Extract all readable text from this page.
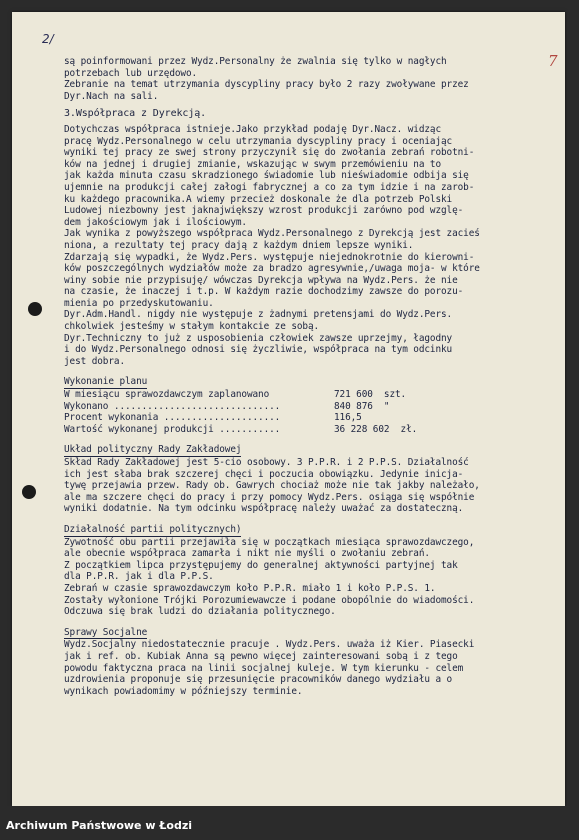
2/
7

są poinformowani przez Wydz.Personalny że zwalnia się tylko w nagłych

potrzebach lub urzędowo.

Zebranie na temat utrzymania dyscypliny pracy było 2 razy zwoływane przez

Dyr.Nach na sali.

3.Współpraca z Dyrekcją.

Dotychczas współpraca istnieje.Jako przykład podaję Dyr.Nacz. widząc
pracę Wydz.Personalnego w celu utrzymania dyscypliny pracy i oceniając
wyniki tej pracy ze swej strony przyczynił się do zwołania zebrań robotni-
ków na jednej i drugiej zmianie, wskazując w swym przemówieniu na to
jak każda minuta czasu skradzionego świadomie lub nieświadomie odbija się
ujemnie na produkcji całej załogi fabrycznej a co za tym idzie i na zarob-
ku każdego pracownika.A wiemy przecież doskonale że dla potrzeb Polski
Ludowej niezbowny jest jaknajwiększy wzrost produkcji zarówno pod wzglę-
dem jakościowym jak i ilościowym.

Jak wynika z powyższego współpraca Wydz.Personalnego z Dyrekcją jest zacieś
niona, a rezultaty tej pracy dają z każdym dniem lepsze wyniki.

Zdarzają się wypadki, że Wydz.Pers. występuje niejednokrotnie do kierowni-
ków poszczególnych wydziałów może za bradzo agresywnie,/uwaga moja- w które
winy sobie nie przypisuję/ wówczas Dyrekcja wpływa na Wydz.Pers. że nie
na czasie, że inaczej i t.p. W każdym razie dochodzimy zawsze do porozu-
mienia po przedyskutowaniu.

Dyr.Adm.Handl. nigdy nie występuje z żadnymi pretensjami do Wydz.Pers.
chkolwiek jesteśmy w stałym kontakcie ze sobą.

Dyr.Techniczny to już z usposobienia człowiek zawsze uprzejmy, łagodny
i do Wydz.Personalnego odnosi się życzliwie, współpraca na tym odcinku
jest dobra.

Wykonanie planu
W miesiącu sprawozdawczym zaplanowano	721 600  szt.
Wykonano ..............................	840 876  "
Procent wykonania .....................	116,5
Wartość wykonanej produkcji ...........	36 228 602  zł.
Układ polityczny Rady Zakładowej

Skład Rady Zakładowej jest 5-cio osobowy. 3 P.P.R. i 2 P.P.S. Działalność
ich jest słaba brak szczerej chęci i poczucia obowiązku. Jedynie inicja-
tywę przejawia przew. Rady ob. Gawrych chociaż może nie tak jakby należało,
ale ma szczere chęci do pracy i przy pomocy Wydz.Pers. osiąga się współnie
wyniki dodatnie. Na tym odcinku współpracę należy uważać za dostateczną.

Działalność partii politycznych)

Żywotność obu partii przejawiła się w początkach miesiąca sprawozdawczego,
ale obecnie współpraca zamarła i nikt nie myśli o zwołaniu zebrań.
Z początkiem lipca przystępujemy do generalnej aktywności partyjnej tak
dla P.P.R. jak i dla P.P.S.
Zebrań w czasie sprawozdawczym koło P.P.R. miało 1 i koło P.P.S. 1.
Zostały wyłonione Trójki Porozumiewawcze i podane obopólnie do wiadomości.
Odczuwa się brak ludzi do działania politycznego.

Sprawy Socjalne

Wydz.Socjalny niedostatecznie pracuje . Wydz.Pers. uważa iż Kier. Piasecki
jak i ref. ob. Kubiak Anna są pewno więcej zainteresowani sobą i z tego
powodu faktyczna praca na linii socjalnej kuleje. W tym kierunku - celem
uzdrowienia proponuje się przesunięcie pracowników danego wydziału a o
wynikach powiadomimy w późniejszy terminie.

Archiwum Państwowe w Łodzi
